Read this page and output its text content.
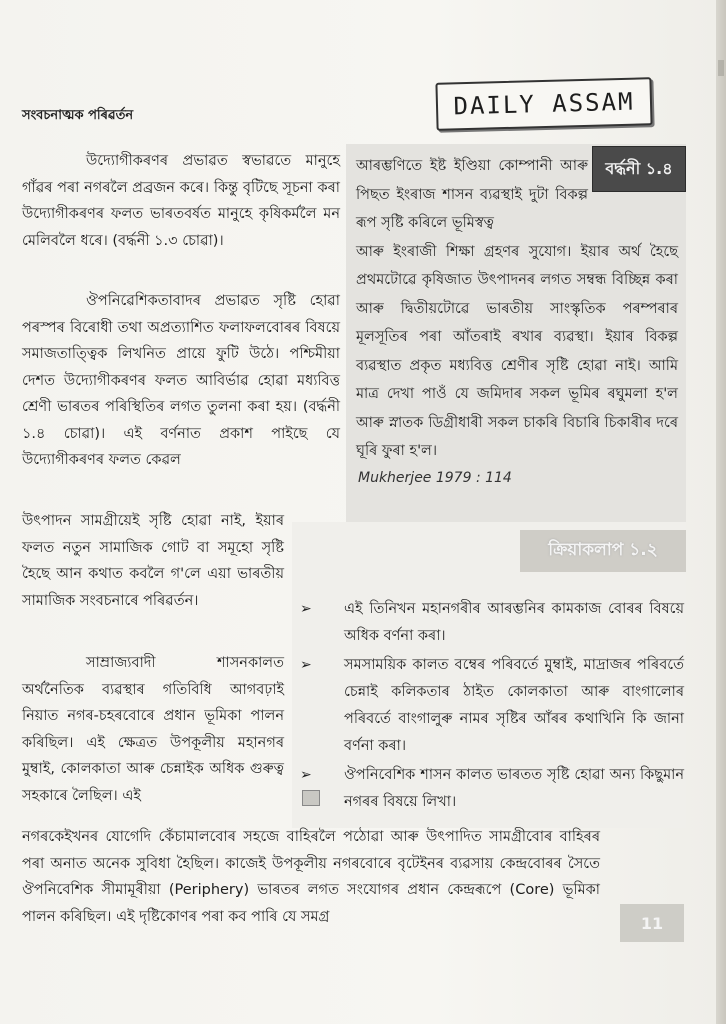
DAILY ASSAM
সংবচনাত্মক পৰিৱৰ্তন
উদ্যোগীকৰণৰ প্ৰভাৱত স্বভাৱতে মানুহে গাঁৱৰ পৰা নগৰলৈ প্ৰব্ৰজন কৰে। কিন্তু বৃটিছে সূচনা কৰা উদ্যোগীকৰণৰ ফলত ভাৰতবৰ্ষত মানুহে কৃষিকৰ্মলৈ মন মেলিবলৈ ধৰে। (বৰ্দ্ধনী ১.৩ চোৱা)।
ঔপনিৱেশিকতাবাদৰ প্ৰভাৱত সৃষ্টি হোৱা পৰস্পৰ বিৰোধী তথা অপ্ৰত্যাশিত ফলাফলবোৰৰ বিষয়ে সমাজতাত্ত্বিক লিখনিত প্ৰায়ে ফুটি উঠে। পশ্চিমীয়া দেশত উদ্যোগীকৰণৰ ফলত আবিৰ্ভাৱ হোৱা মধ্যবিত্ত শ্ৰেণী ভাৰতৰ পৰিস্থিতিৰ লগত তুলনা কৰা হয়। (বৰ্দ্ধনী ১.৪ চোৱা)। এই বৰ্ণনাত প্ৰকাশ পাইছে যে উদ্যোগীকৰণৰ ফলত কেৱল
উৎপাদন সামগ্ৰীয়েই সৃষ্টি হোৱা নাই, ইয়াৰ ফলত নতুন সামাজিক গোট বা সমূহো সৃষ্টি হৈছে আন কথাত কবলৈ গ'লে এয়া ভাৰতীয় সামাজিক সংবচনাৰে পৰিৱৰ্তন।
সাম্ৰাজ্যবাদী শাসনকালত অৰ্থনৈতিক ব্যৱস্থাৰ গতিবিধি আগবঢ়াই নিয়াত নগৰ-চহৰবোৰে প্ৰধান ভূমিকা পালন কৰিছিল। এই ক্ষেত্ৰত উপকূলীয় মহানগৰ মুম্বাই, কোলকাতা আৰু চেন্নাইক অধিক গুৰুত্ব সহকাৰে লৈছিল। এই
আৰম্ভণিতে ইষ্ট ইণ্ডিয়া কোম্পানী আৰু পিছত ইংৰাজ শাসন ব্যৱস্থাই দুটা বিকল্প ৰূপ সৃষ্টি কৰিলে ভূমিস্বত্ব
আৰু ইংৰাজী শিক্ষা গ্ৰহণৰ সুযোগ। ইয়াৰ অৰ্থ হৈছে প্ৰথমটোৱে কৃষিজাত উৎপাদনৰ লগত সম্বন্ধ বিচ্ছিন্ন কৰা আৰু দ্বিতীয়টোৱে ভাৰতীয় সাংস্কৃতিক পৰম্পৰাৰ মূলসূতিৰ পৰা আঁতৰাই ৰখাৰ ব্যৱস্থা। ইয়াৰ বিকল্প ব্যৱস্থাত প্ৰকৃত মধ্যবিত্ত শ্ৰেণীৰ সৃষ্টি হোৱা নাই। আমি মাত্ৰ দেখা পাওঁ যে জমিদাৰ সকল ভূমিৰ ৰঘুমলা হ'ল আৰু স্নাতক ডিগ্ৰীধাৰী সকল চাকৰি বিচাৰি চিকাৰীৰ দৰে ঘূৰি ফুৰা হ'ল।
বৰ্দ্ধনী ১.৪
Mukherjee 1979 : 114
ক্ৰিয়াকলাপ ১.২
➢	এই তিনিখন মহানগৰীৰ আৰম্ভনিৰ কামকাজ বোৰৰ বিষয়ে অধিক বৰ্ণনা কৰা।
➢	সমসাময়িক কালত বম্বেৰ পৰিবৰ্তে মুম্বাই, মাদ্ৰাজৰ পৰিবৰ্তে চেন্নাই কলিকতাৰ ঠাইত কোলকাতা আৰু বাংগালোৰ পৰিবৰ্তে বাংগালুৰু নামৰ সৃষ্টিৰ আঁৰৰ কথাখিনি কি জানা বৰ্ণনা কৰা।
➢	ঔপনিবেশিক শাসন কালত ভাৰতত সৃষ্টি হোৱা অন্য কিছুমান নগৰৰ বিষয়ে লিখা।
নগৰকেইখনৰ যোগেদি কেঁচামালবোৰ সহজে বাহিৰলৈ পঠোৱা আৰু উৎপাদিত সামগ্ৰীবোৰ বাহিৰৰ পৰা অনাত অনেক সুবিধা হৈছিল। কাজেই উপকূলীয় নগৰবোৰে বৃটেইনৰ ব্যৱসায় কেন্দ্ৰবোৰৰ সৈতে ঔপনিবেশিক সীমামূৰীয়া (Periphery) ভাৰতৰ লগত সংযোগৰ প্ৰধান কেন্দ্ৰৰূপে (Core) ভূমিকা পালন কৰিছিল। এই দৃষ্টিকোণৰ পৰা কব পাৰি যে সমগ্ৰ	11
